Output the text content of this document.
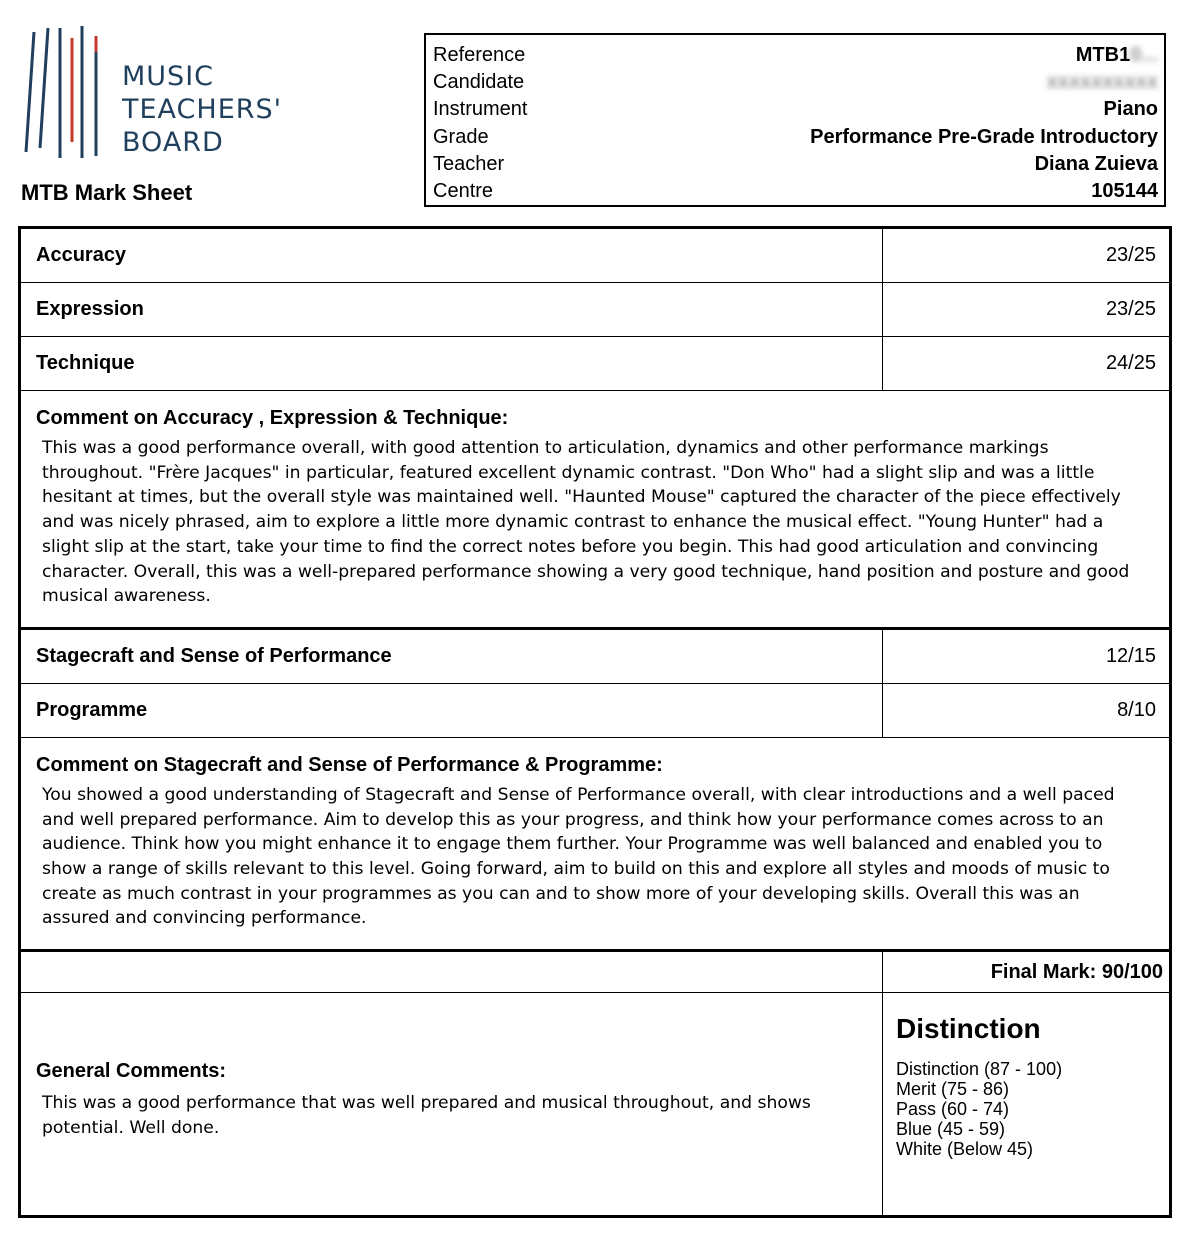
MUSIC
TEACHERS'
BOARD
MTB Mark Sheet
Reference	MTB10...
Candidate	xxxxxxxxxx
Instrument	Piano
Grade	Performance Pre-Grade Introductory
Teacher	Diana Zuieva
Centre	105144
Accuracy	23/25
Expression	23/25
Technique	24/25
Comment on Accuracy , Expression & Technique:

This was a good performance overall, with good attention to articulation, dynamics and other performance markings throughout. "Frère Jacques" in particular, featured excellent dynamic contrast. "Don Who" had a slight slip and was a little hesitant at times, but the overall style was maintained well. "Haunted Mouse" captured the character of the piece effectively and was nicely phrased, aim to explore a little more dynamic contrast to enhance the musical effect. "Young Hunter" had a slight slip at the start, take your time to find the correct notes before you begin. This had good articulation and convincing character. Overall, this was a well-prepared performance showing a very good technique, hand position and posture and good musical awareness.

Stagecraft and Sense of Performance	12/15
Programme	8/10
Comment on Stagecraft and Sense of Performance & Programme:

You showed a good understanding of Stagecraft and Sense of Performance overall, with clear introductions and a well paced and well prepared performance. Aim to develop this as your progress, and think how your performance comes across to an audience. Think how you might enhance it to engage them further. Your Programme was well balanced and enabled you to show a range of skills relevant to this level. Going forward, aim to build on this and explore all styles and moods of music to create as much contrast in your programmes as you can and to show more of your developing skills. Overall this was an assured and convincing performance.

Final Mark: 90/100
General Comments:

This was a good performance that was well prepared and musical throughout, and shows potential. Well done.

Distinction
Distinction (87 - 100)
Merit (75 - 86)
Pass (60 - 74)
Blue (45 - 59)
White (Below 45)
